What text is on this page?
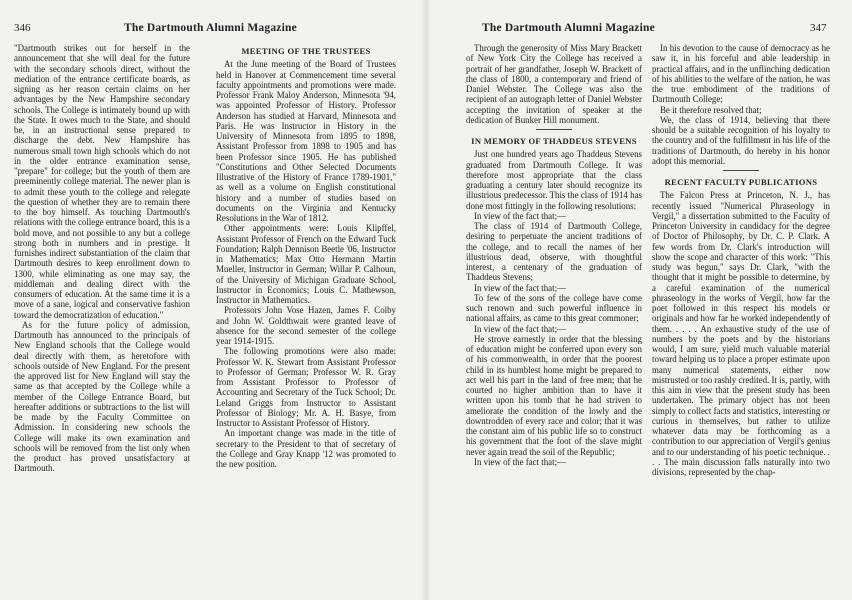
346	The Dartmouth Alumni Magazine

"Dartmouth strikes out for herself in the announcement that she will deal for the future with the secondary schools direct, without the mediation of the entrance certificate boards, as signing as her reason certain claims on her advantages by the New Hampshire secondary schools. The College is intimately bound up with the State. It owes much to the State, and should be, in an instructional sense prepared to discharge the debt. New Hampshire has numerous small town high schools which do not in the older entrance examination sense, "prepare" for college; but the youth of them are preeminently college material. The newer plan is to admit these youth to the college and relegate the question of whether they are to remain there to the boy himself. As touching Dartmouth's relations with the college entrance board, this is a bold move, and not possible to any but a college strong both in numbers and in prestige. It furnishes indirect substantiation of the claim that Dartmouth desires to keep enrollment down to 1300, while eliminating as one may say, the middleman and dealing direct with the consumers of education. At the same time it is a move of a sane, logical and conservative fashion toward the democratization of education."

As for the future policy of admission, Dartmouth has announced to the principals of New England schools that the College would deal directly with them, as heretofore with schools outside of New England. For the present the approved list for New England will stay the same as that accepted by the College while a member of the College Entrance Board, but hereafter additions or subtractions to the list will be made by the Faculty Committee on Admission. In considering new schools the College will make its own examination and schools will be removed from the list only when the product has proved unsatisfactory at Dartmouth.

MEETING OF THE TRUSTEES

At the June meeting of the Board of Trustees held in Hanover at Commencement time several faculty appointments and promotions were made. Professor Frank Maloy Anderson, Minnesota '94, was appointed Professor of History. Professor Anderson has studied at Harvard, Minnesota and Paris. He was Instructor in History in the University of Minnesota from 1895 to 1898, Assistant Professor from 1898 to 1905 and has been Professor since 1905. He has published "Constitutions and Other Selected Documents Illustrative of the History of France 1789-1901," as well as a volume on English constitutional history and a number of studies based on documents on the Virginia and Kentucky Resolutions in the War of 1812.

Other appointments were: Louis Klipffel, Assistant Professor of French on the Edward Tuck Foundation; Ralph Dennison Beetle '06, Instructor in Mathematics; Max Otto Hermann Martin Mueller, Instructor in German; Willar P. Calhoun, of the University of Michigan Graduate School, Instructor in Economics; Louis C. Mathewson, Instructor in Mathematics.

Professors John Vose Hazen, James F. Colby and John W. Goldthwait were granted leave of absence for the second semester of the college year 1914-1915.

The following promotions were also made: Professor W. K. Stewart from Assistant Professor to Professor of German; Professor W. R. Gray from Assistant Professor to Professor of Accounting and Secretary of the Tuck School; Dr. Leland Griggs from Instructor to Assistant Professor of Biology; Mr. A. H. Basye, from Instructor to Assistant Professor of History.

An important change was made in the title of secretary to the President to that of secretary of the College and Gray Knapp '12 was promoted to the new position.

The Dartmouth Alumni Magazine	347

Through the generosity of Miss Mary Brackett of New York City the College has received a portrait of her grandfather, Joseph W. Brackett of the class of 1800, a contemporary and friend of Daniel Webster. The College was also the recipient of an autograph letter of Daniel Webster accepting the invitation of speaker at the dedication of Bunker Hill monument.

IN MEMORY OF THADDEUS STEVENS

Just one hundred years ago Thaddeus Stevens graduated from Dartmouth College. It was therefore most appropriate that the class graduating a century later should recognize its illustrious predecessor. This the class of 1914 has done most fittingly in the following resolutions:

In view of the fact that;—

The class of 1914 of Dartmouth College, desiring to perpetuate the ancient traditions of the college, and to recall the names of her illustrious dead, observe, with thoughtful interest, a centenary of the graduation of Thaddeus Stevens;

In view of the fact that;—

To few of the sons of the college have come such renown and such powerful influence in national affairs, as came to this great commoner;

In view of the fact that;—

He strove earnestly in order that the blessing of education might be conferred upon every son of his commonwealth, in order that the poorest child in its humblest home might be prepared to act well his part in the land of free men; that he courted no higher ambition than to have it written upon his tomb that he had striven to ameliorate the condition of the lowly and the downtrodden of every race and color; that it was the constant aim of his public life so to construct his government that the foot of the slave might never again tread the soil of the Republic;

In view of the fact that;—

In his devotion to the cause of democracy as he saw it, in his forceful and able leadership in practical affairs, and in the unflinching dedication of his abilities to the welfare of the nation, he was the true embodiment of the traditions of Dartmouth College;

Be it therefore resolved that;

We, the class of 1914, believing that there should be a suitable recognition of his loyalty to the country and of the fulfillment in his life of the traditions of Dartmouth, do hereby in his honor adopt this memorial.

RECENT FACULTY PUBLICATIONS

The Falcon Press at Princeton, N. J., has recently issued "Numerical Phraseology in Vergil," a dissertation submitted to the Faculty of Princeton University in candidacy for the degree of Doctor of Philosophy, by Dr. C. P. Clark. A few words from Dr. Clark's introduction will show the scope and character of this work: "This study was begun," says Dr. Clark, "with the thought that it might be possible to determine, by a careful examination of the numerical phraseology in the works of Vergil, how far the poet followed in this respect his models or originals and how far he worked independently of them. . . . . An exhaustive study of the use of numbers by the poets and by the historians would, I am sure, yield much valuable material toward helping us to place a proper estimate upon many numerical statements, either now mistrusted or too rashly credited. It is, partly, with this aim in view that the present study has been undertaken. The primary object has not been simply to collect facts and statistics, interesting or curious in themselves, but rather to utilize whatever data may be forthcoming as a contribution to our appreciation of Vergil's genius and to our understanding of his poetic technique. . . . The main discussion falls naturally into two divisions, represented by the chap-
